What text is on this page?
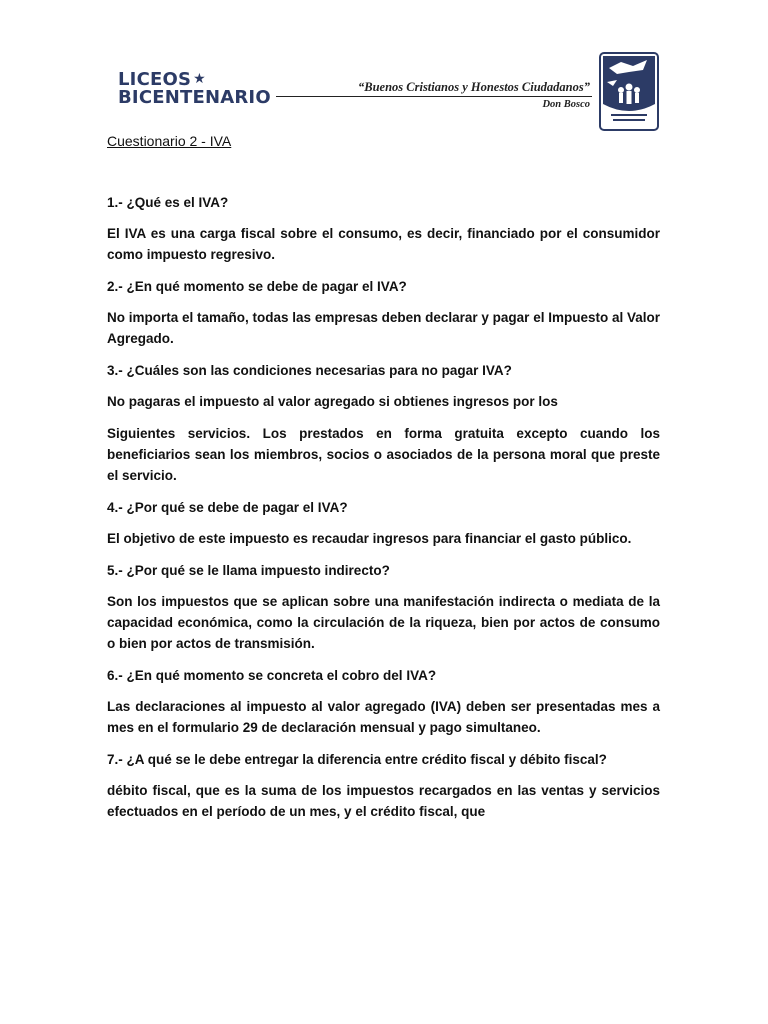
LICEOS ★
BICENTENARIO	“Buenos Cristianos y Honestos Ciudadanos”
Don Bosco
Cuestionario 2 - IVA

1.- ¿Qué es el IVA?

El IVA es una carga fiscal sobre el consumo, es decir, financiado por el consumidor como impuesto regresivo.

2.- ¿En qué momento se debe de pagar el IVA?

No importa el tamaño, todas las empresas deben declarar y pagar el Impuesto al Valor Agregado.

3.- ¿Cuáles son las condiciones necesarias para no pagar IVA?

No pagaras el impuesto al valor agregado si obtienes ingresos por los

Siguientes servicios. Los prestados en forma gratuita excepto cuando los beneficiarios sean los miembros, socios o asociados de la persona moral que preste el servicio.

4.- ¿Por qué se debe de pagar el IVA?

El objetivo de este impuesto es recaudar ingresos para financiar el gasto público.

5.- ¿Por qué se le llama impuesto indirecto?

Son los impuestos que se aplican sobre una manifestación indirecta o mediata de la capacidad económica, como la circulación de la riqueza, bien por actos de consumo o bien por actos de transmisión.

6.- ¿En qué momento se concreta el cobro del IVA?

Las declaraciones al impuesto al valor agregado (IVA) deben ser presentadas mes a mes en el formulario 29 de declaración mensual y pago simultaneo.

7.- ¿A qué se le debe entregar la diferencia entre crédito fiscal y débito fiscal?

débito fiscal, que es la suma de los impuestos recargados en las ventas y servicios efectuados en el período de un mes, y el crédito fiscal, que
